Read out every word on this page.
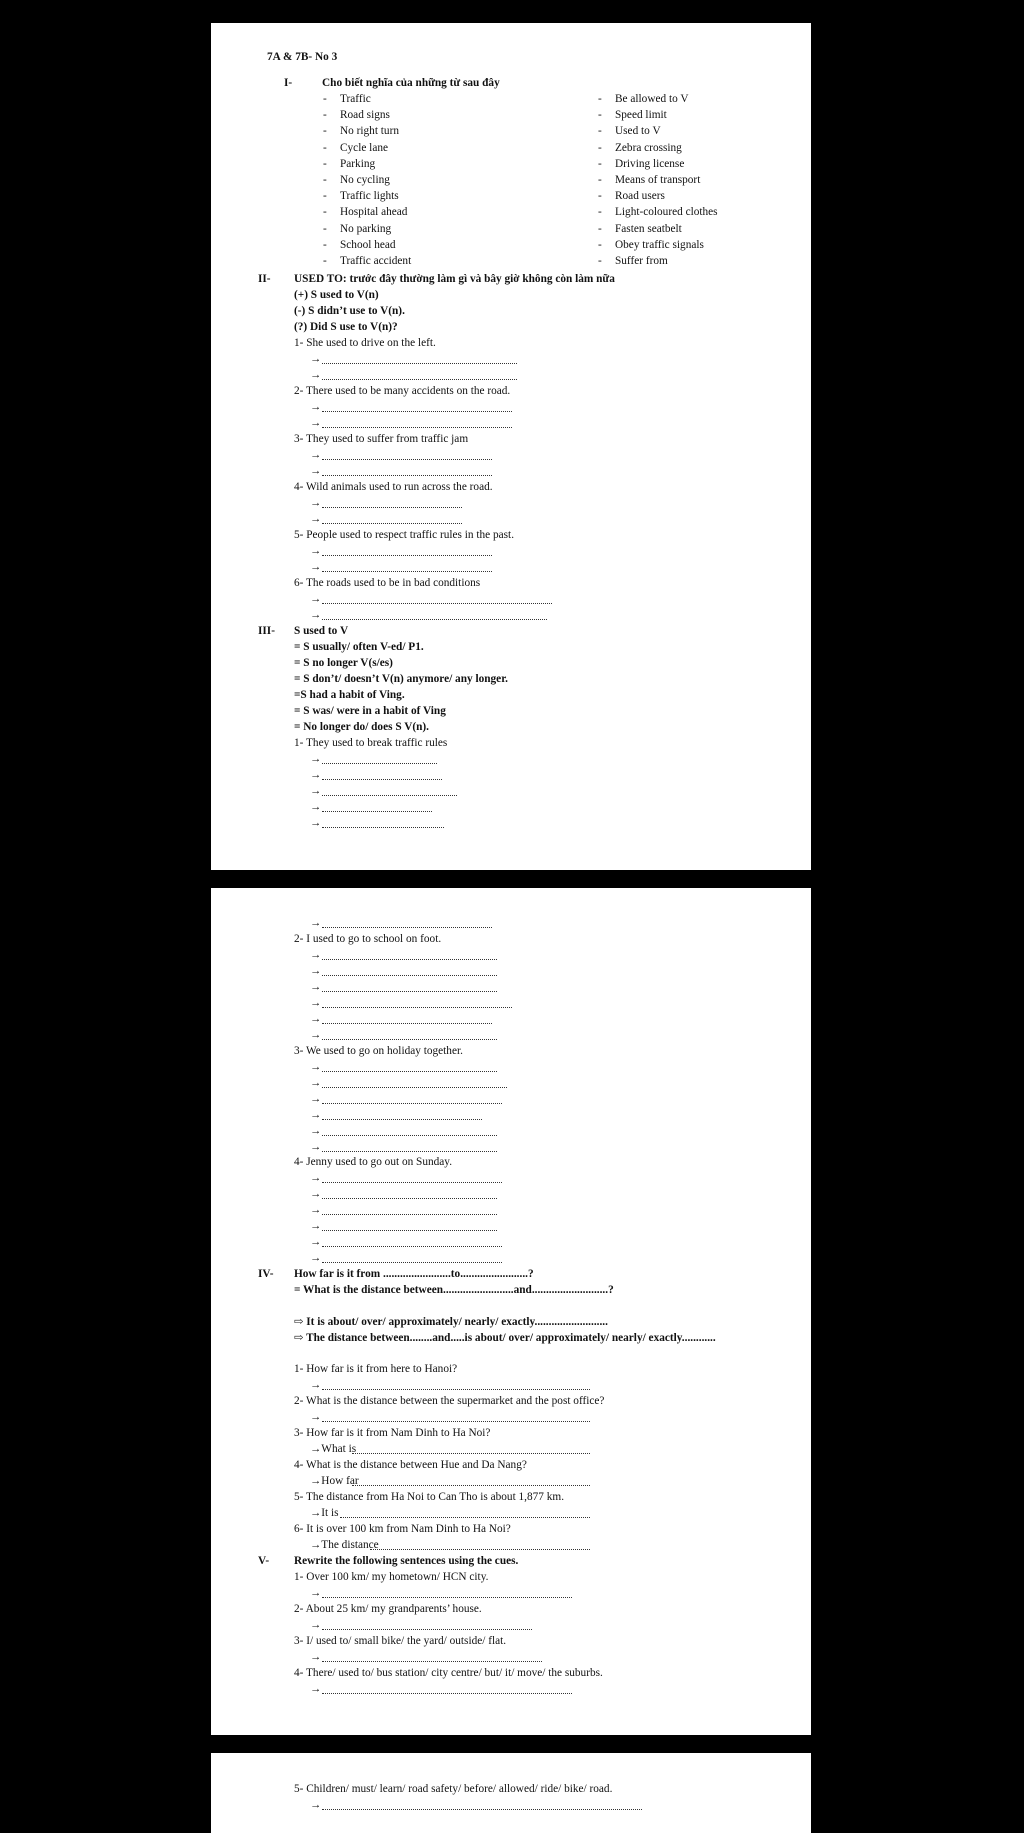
7A & 7B- No 3
I-	Cho biết nghĩa của những từ sau đây
- Traffic
- Road signs
- No right turn
- Cycle lane
- Parking
- No cycling
- Traffic lights
- Hospital ahead
- No parking
- School head
- Traffic accident
- Be allowed to V
- Speed limit
- Used to V
- Zebra crossing
- Driving license
- Means of transport
- Road users
- Light-coloured clothes
- Fasten seatbelt
- Obey traffic signals
- Suffer from
II- USED TO: trước đây thường làm gì và bây giờ không còn làm nữa
(+) S used to V(n)
(-) S didn’t use to V(n).
(?) Did S use to V(n)?
1- She used to drive on the left.
→
→
2- There used to be many accidents on the road.
→
→
3- They used to suffer from traffic jam
→
→
4- Wild animals used to run across the road.
→
→
5- People used to respect traffic rules in the past.
→
→
6- The roads used to be in bad conditions
→
→
III- S used to V
= S usually/ often V-ed/ P1.
= S no longer V(s/es)
= S don’t/ doesn’t V(n) anymore/ any longer.
=S had a habit of Ving.
= S was/ were in a habit of Ving
= No longer do/ does S V(n).
1- They used to break traffic rules
→
→
→
→
→
→
2- I used to go to school on foot.
→
→
→
→
→
→
3- We used to go on holiday together.
→
→
→
→
→
→
4- Jenny used to go out on Sunday.
→
→
→
→
→
→
IV- How far is it from ........................to........................?
= What is the distance between.........................and...........................?
⇨ It is about/ over/ approximately/ nearly/ exactly..........................
⇨ The distance between........and.....is about/ over/ approximately/ nearly/ exactly............
1- How far is it from here to Hanoi?
→
2- What is the distance between the supermarket and the post office?
→
3- How far is it from Nam Dinh to Ha Noi?
→What is
4- What is the distance between Hue and Da Nang?
→How far
5- The distance from Ha Noi to Can Tho is about 1,877 km.
→It is
6- It is over 100 km from Nam Dinh to Ha Noi?
→The distance
V- Rewrite the following sentences using the cues.
1- Over 100 km/ my hometown/ HCN city.
→
2- About 25 km/ my grandparents’ house.
→
3- I/ used to/ small bike/ the yard/ outside/ flat.
→
4- There/ used to/ bus station/ city centre/ but/ it/ move/ the suburbs.
→
5- Children/ must/ learn/ road safety/ before/ allowed/ ride/ bike/ road.
→
